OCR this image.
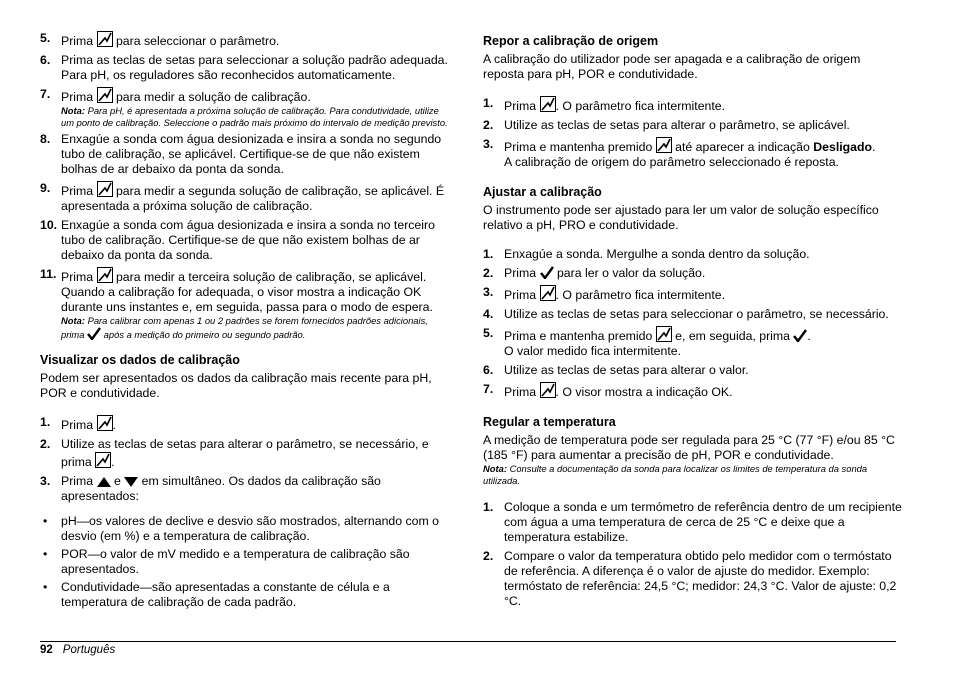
5. Prima para seleccionar o parâmetro.
6. Prima as teclas de setas para seleccionar a solução padrão adequada. Para pH, os reguladores são reconhecidos automaticamente.
7. Prima para medir a solução de calibração.
Nota: Para pH, é apresentada a próxima solução de calibração. Para condutividade, utilize um ponto de calibração. Seleccione o padrão mais próximo do intervalo de medição previsto.
8. Enxagúe a sonda com água desionizada e insira a sonda no segundo tubo de calibração, se aplicável. Certifique-se de que não existem bolhas de ar debaixo da ponta da sonda.
9. Prima para medir a segunda solução de calibração, se aplicável. É apresentada a próxima solução de calibração.
10. Enxagúe a sonda com água desionizada e insira a sonda no terceiro tubo de calibração. Certifique-se de que não existem bolhas de ar debaixo da ponta da sonda.
11. Prima para medir a terceira solução de calibração, se aplicável. Quando a calibração for adequada, o visor mostra a indicação OK durante uns instantes e, em seguida, passa para o modo de espera.
Nota: Para calibrar com apenas 1 ou 2 padrões se forem fornecidos padrões adicionais, prima após a medição do primeiro ou segundo padrão.
Visualizar os dados de calibração

Podem ser apresentados os dados da calibração mais recente para pH, POR e condutividade.

1. Prima .
2. Utilize as teclas de setas para alterar o parâmetro, se necessário, e prima .
3. Prima e em simultâneo. Os dados da calibração são apresentados:
• pH—os valores de declive e desvio são mostrados, alternando com o desvio (em %) e a temperatura de calibração.
• POR—o valor de mV medido e a temperatura de calibração são apresentados.
• Condutividade—são apresentadas a constante de célula e a temperatura de calibração de cada padrão.
Repor a calibração de origem

A calibração do utilizador pode ser apagada e a calibração de origem reposta para pH, POR e condutividade.

1. Prima . O parâmetro fica intermitente.
2. Utilize as teclas de setas para alterar o parâmetro, se aplicável.
3. Prima e mantenha premido até aparecer a indicação Desligado.
A calibração de origem do parâmetro seleccionado é reposta.
Ajustar a calibração

O instrumento pode ser ajustado para ler um valor de solução específico relativo a pH, PRO e condutividade.

1. Enxagúe a sonda. Mergulhe a sonda dentro da solução.
2. Prima para ler o valor da solução.
3. Prima . O parâmetro fica intermitente.
4. Utilize as teclas de setas para seleccionar o parâmetro, se necessário.
5. Prima e mantenha premido e, em seguida, prima .
O valor medido fica intermitente.
6. Utilize as teclas de setas para alterar o valor.
7. Prima . O visor mostra a indicação OK.
Regular a temperatura

A medição de temperatura pode ser regulada para 25 °C (77 °F) e/ou 85 °C (185 °F) para aumentar a precisão de pH, POR e condutividade.

Nota: Consulte a documentação da sonda para localizar os limites de temperatura da sonda utilizada.
1. Coloque a sonda e um termómetro de referência dentro de um recipiente com água a uma temperatura de cerca de 25 °C e deixe que a temperatura estabilize.
2. Compare o valor da temperatura obtido pelo medidor com o termóstato de referência. A diferença é o valor de ajuste do medidor. Exemplo: termóstato de referência: 24,5 °C; medidor: 24,3 °C. Valor de ajuste: 0,2 °C.
92 Português
